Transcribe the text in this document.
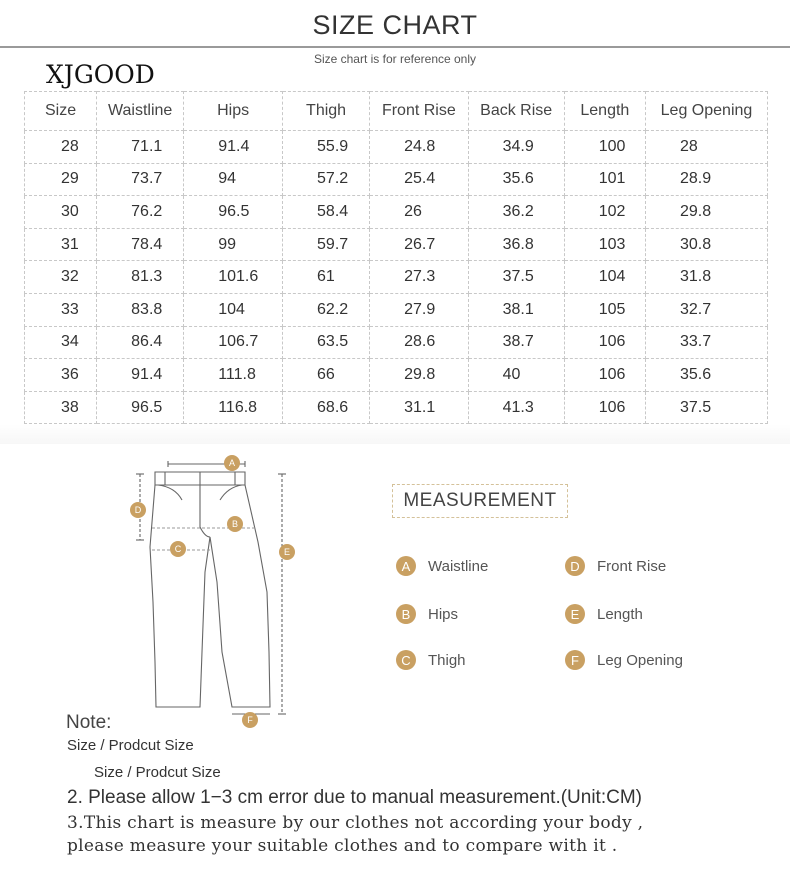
SIZE CHART
Size chart is for reference only
XJGOOD
Size	Waistline	Hips	Thigh	Front Rise	Back Rise	Length	Leg Opening
28	71.1	91.4	55.9	24.8	34.9	100	28
29	73.7	94	57.2	25.4	35.6	101	28.9
30	76.2	96.5	58.4	26	36.2	102	29.8
31	78.4	99	59.7	26.7	36.8	103	30.8
32	81.3	101.6	61	27.3	37.5	104	31.8
33	83.8	104	62.2	27.9	38.1	105	32.7
34	86.4	106.7	63.5	28.6	38.7	106	33.7
36	91.4	111.8	66	29.8	40	106	35.6
38	96.5	116.8	68.6	31.1	41.3	106	37.5
A
B
C
D
E
F
MEASUREMENT
A	Waistline
B	Hips
C	Thigh
D	Front Rise
E	Length
F	Leg Opening
Note:
Size / Prodcut Size
Size / Prodcut Size
2. Please allow 1−3 cm error due to manual measurement.(Unit:CM)
3.This chart is measure by our clothes not according your body ,
please measure your suitable clothes and to compare with it .
